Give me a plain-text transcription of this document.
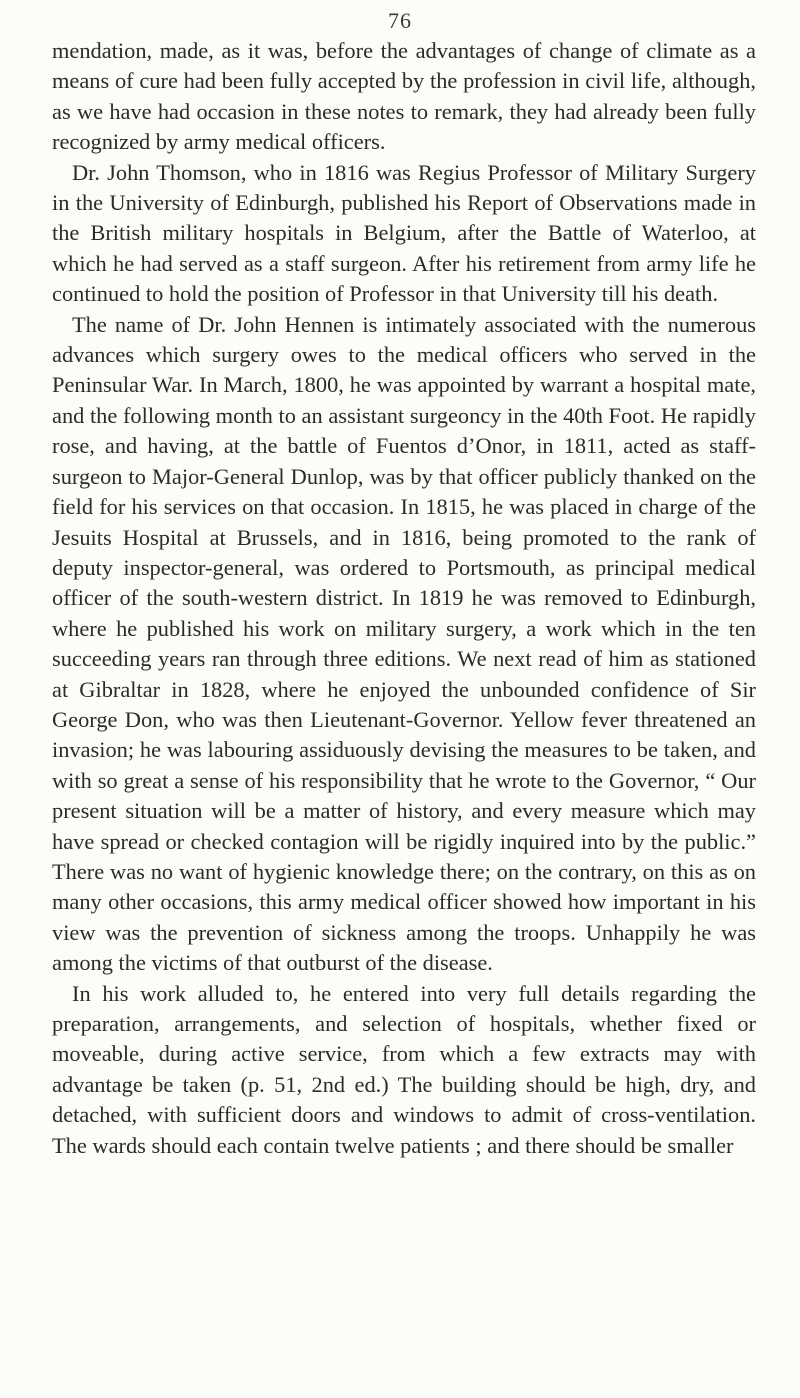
76

mendation, made, as it was, before the advantages of change of climate as a means of cure had been fully accepted by the profession in civil life, although, as we have had occasion in these notes to remark, they had already been fully recognized by army medical officers.

Dr. John Thomson, who in 1816 was Regius Professor of Military Surgery in the University of Edinburgh, published his Report of Observations made in the British military hospitals in Belgium, after the Battle of Waterloo, at which he had served as a staff surgeon. After his retirement from army life he continued to hold the position of Professor in that University till his death.

The name of Dr. John Hennen is intimately associated with the numerous advances which surgery owes to the medical officers who served in the Peninsular War. In March, 1800, he was appointed by warrant a hospital mate, and the following month to an assistant surgeoncy in the 40th Foot. He rapidly rose, and having, at the battle of Fuentos d’Onor, in 1811, acted as staff-surgeon to Major-General Dunlop, was by that officer publicly thanked on the field for his services on that occasion. In 1815, he was placed in charge of the Jesuits Hospital at Brussels, and in 1816, being promoted to the rank of deputy inspector-general, was ordered to Portsmouth, as principal medical officer of the south-western district. In 1819 he was removed to Edinburgh, where he published his work on military surgery, a work which in the ten succeeding years ran through three editions. We next read of him as stationed at Gibraltar in 1828, where he enjoyed the unbounded confidence of Sir George Don, who was then Lieutenant-Governor. Yellow fever threatened an invasion; he was labouring assiduously devising the measures to be taken, and with so great a sense of his responsibility that he wrote to the Governor, “ Our present situation will be a matter of history, and every measure which may have spread or checked contagion will be rigidly inquired into by the public.” There was no want of hygienic knowledge there; on the contrary, on this as on many other occasions, this army medical officer showed how important in his view was the prevention of sickness among the troops. Unhappily he was among the victims of that outburst of the disease.

In his work alluded to, he entered into very full details regarding the preparation, arrangements, and selection of hospitals, whether fixed or moveable, during active service, from which a few extracts may with advantage be taken (p. 51, 2nd ed.) The building should be high, dry, and detached, with sufficient doors and windows to admit of cross-ventilation. The wards should each contain twelve patients ; and there should be smaller
